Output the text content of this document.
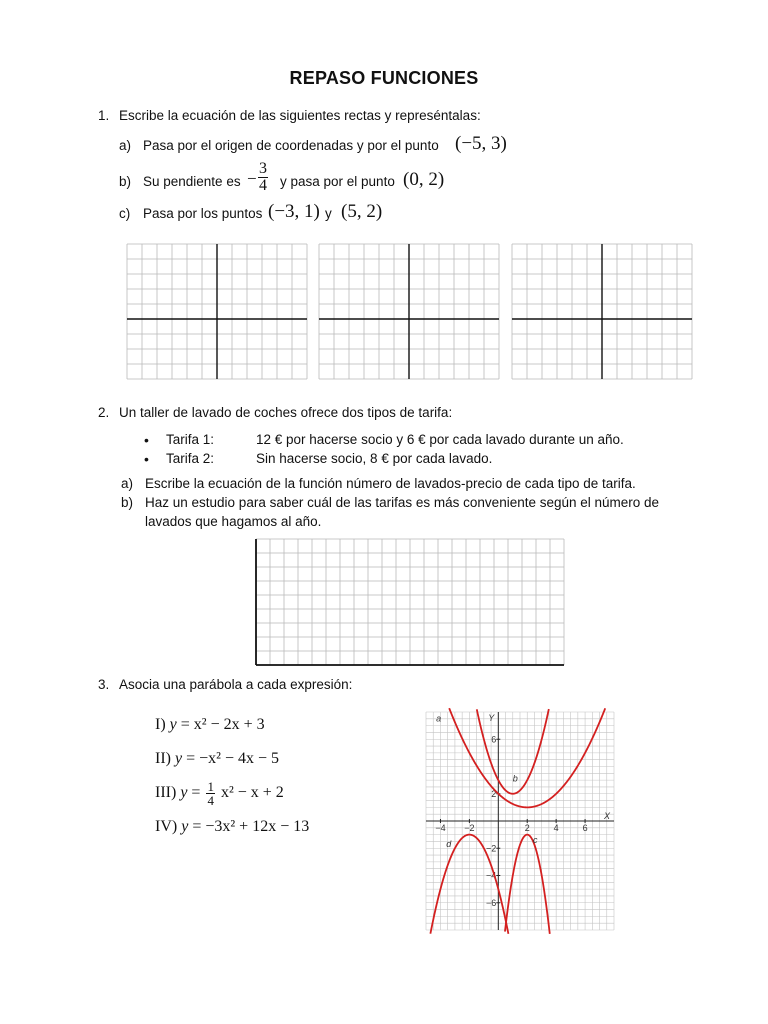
REPASO FUNCIONES
1. Escribe la ecuación de las siguientes rectas y represéntalas:
a) Pasa por el origen de coordenadas y por el punto (−5, 3)
b) Su pendiente es − $\frac{3}{4}$ y pasa por el punto (0, 2)
c) Pasa por los puntos (−3, 1) y (5, 2)
2. Un taller de lavado de coches ofrece dos tipos de tarifa:
• Tarifa 1:	12 € por hacerse socio y 6 € por cada lavado durante un año.
• Tarifa 2:	Sin hacerse socio, 8 € por cada lavado.
a) Escribe la ecuación de la función número de lavados-precio de cada tipo de tarifa.
b) Haz un estudio para saber cuál de las tarifas es más conveniente según el número de
lavados que hagamos al año.
3. Asocia una parábola a cada expresión:
I) y = x² − 2x + 3
II) y = −x² − 4x − 5
III) $y = \frac{1}{4} x^2 - x + 2$
IV) y = −3x² + 12x − 13
X
Y
−4 −2	2	4	6
6
2
−2
−4
−6
a
b
c
d
